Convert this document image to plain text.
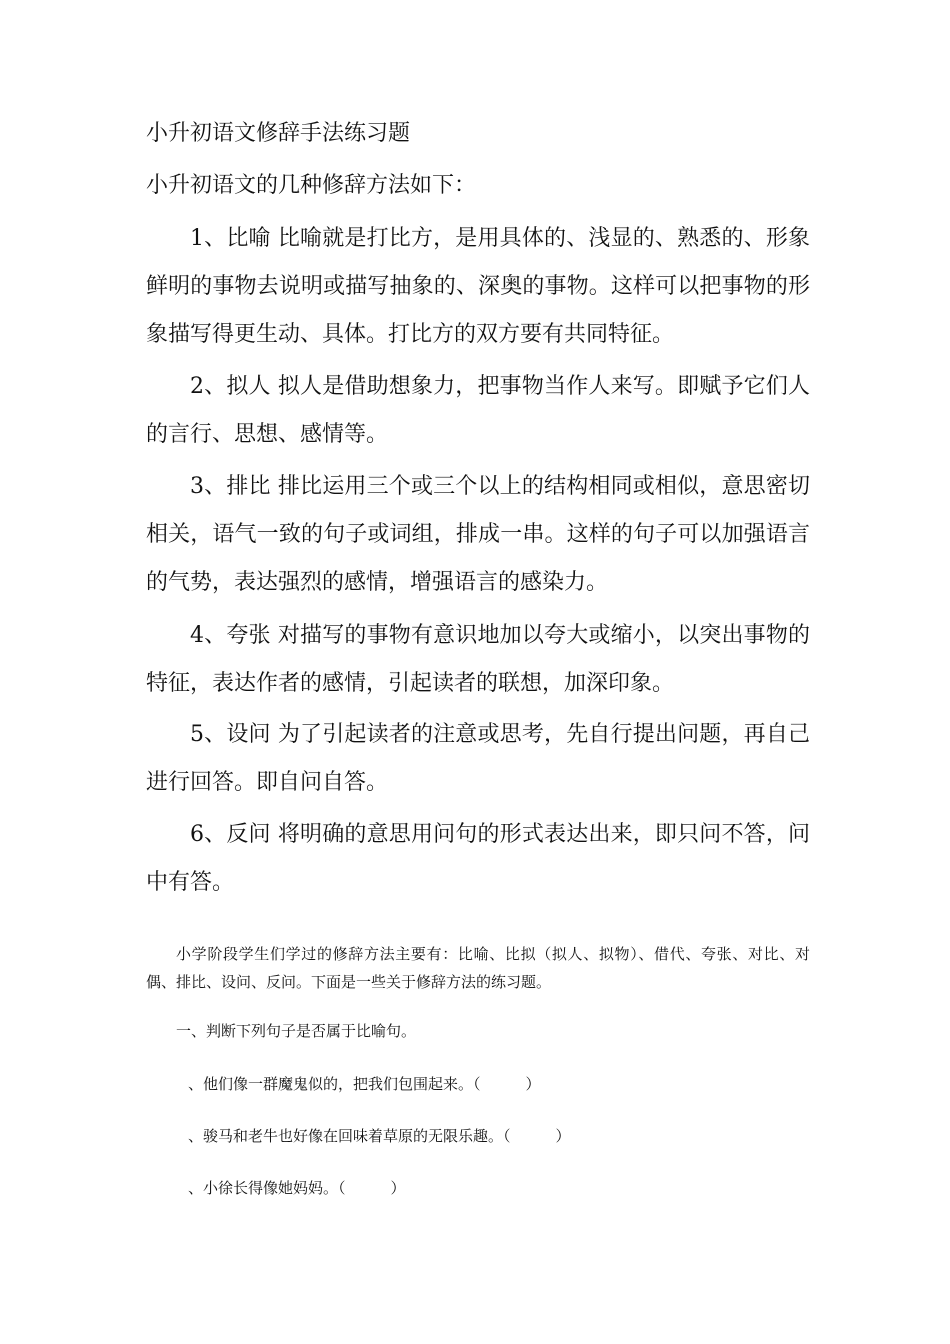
小升初语文修辞手法练习题
小升初语文的几种修辞方法如下：

1、比喻 比喻就是打比方，是用具体的、浅显的、熟悉的、形象鲜明的事物去说明或描写抽象的、深奥的事物。这样可以把事物的形象描写得更生动、具体。打比方的双方要有共同特征。

2、拟人 拟人是借助想象力，把事物当作人来写。即赋予它们人的言行、思想、感情等。

3、排比 排比运用三个或三个以上的结构相同或相似，意思密切相关，语气一致的句子或词组，排成一串。这样的句子可以加强语言的气势，表达强烈的感情，增强语言的感染力。

4、夸张 对描写的事物有意识地加以夸大或缩小，以突出事物的特征，表达作者的感情，引起读者的联想，加深印象。

5、设问 为了引起读者的注意或思考，先自行提出问题，再自己进行回答。即自问自答。

6、反问 将明确的意思用问句的形式表达出来，即只问不答，问中有答。

小学阶段学生们学过的修辞方法主要有：比喻、比拟（拟人、拟物）、借代、夸张、对比、对偶、排比、设问、反问。下面是一些关于修辞方法的练习题。

一、判断下列句子是否属于比喻句。

、他们像一群魔鬼似的，把我们包围起来。（　　　）

、骏马和老牛也好像在回味着草原的无限乐趣。（　　　）

、小徐长得像她妈妈。（　　　）
